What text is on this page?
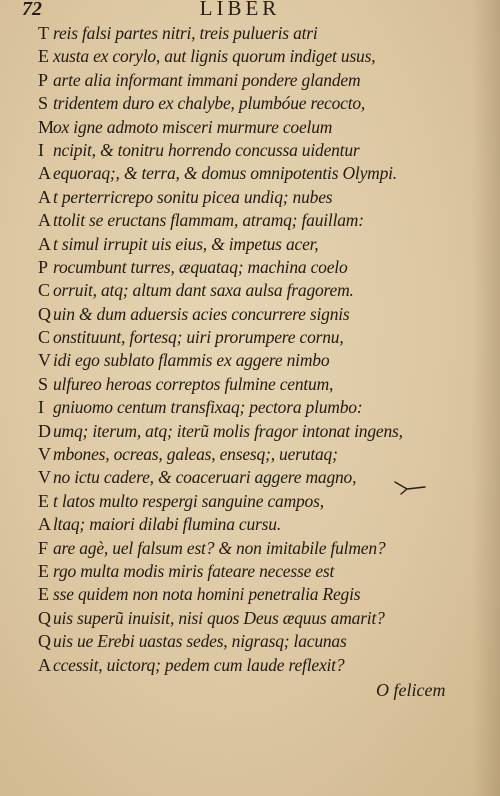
72	LIBER
T reis falsi partes nitri, treis pulueris atri
E xusta ex corylo, aut lignis quorum indiget usus,
P arte alia informant immani pondere glandem
S tridentem duro ex chalybe, plumbóue recocto,
Mox igne admoto misceri murmure coelum
I ncipit, & tonitru horrendo concussa uidentur
A equoraq;, & terra, & domus omnipotentis Olympi.
A t perterricrepo sonitu picea undiq; nubes
A ttolit se eructans flammam, atramq; fauillam:
A t simul irrupit uis eius, & impetus acer,
P rocumbunt turres, æquataq; machina coelo
C orruit, atq; altum dant saxa aulsa fragorem.
Q uin & dum aduersis acies concurrere signis
C onstituunt, fortesq; uiri prorumpere cornu,
V idi ego sublato flammis ex aggere nimbo
S ulfureo heroas correptos fulmine centum,
I gniuomo centum transfixaq; pectora plumbo:
D umq; iterum, atq; iterũ molis fragor intonat ingens,
V mbones, ocreas, galeas, ensesq;, uerutaq;
V no ictu cadere, & coaceruari aggere magno,
E t latos multo respergi sanguine campos,
A ltaq; maiori dilabi flumina cursu.
F are agè, uel falsum est? & non imitabile fulmen?
E rgo multa modis miris fateare necesse est
E sse quidem non nota homini penetralia Regis
Q uis superũ inuisit, nisi quos Deus æquus amarit?
Q uis ue Erebi uastas sedes, nigrasq; lacunas
A ccessit, uictorq; pedem cum laude reflexit?
O felicem
